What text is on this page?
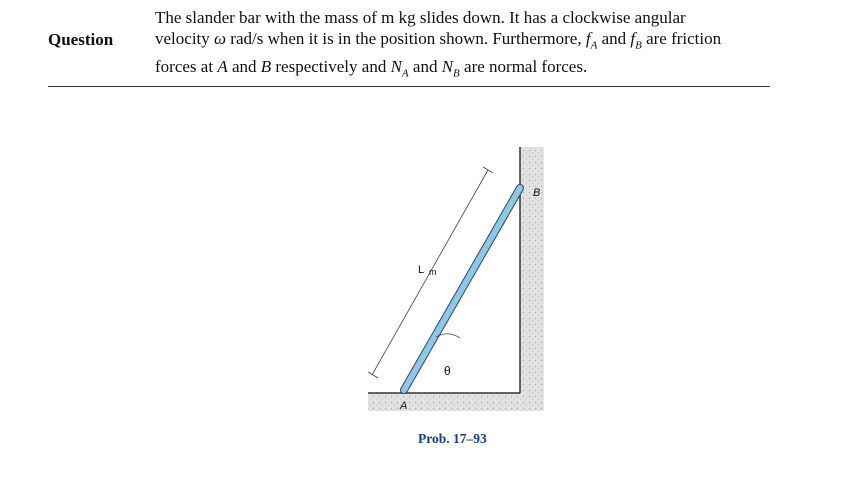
Question
The slander bar with the mass of m kg slides down. It has a clockwise angular
velocity ω rad/s when it is in the position shown. Furthermore, $f_A$ and $f_B$ are friction
forces at A and B respectively and $N_A$ and $N_B$ are normal forces.
L m
θ
A
B
Prob. 17–93
